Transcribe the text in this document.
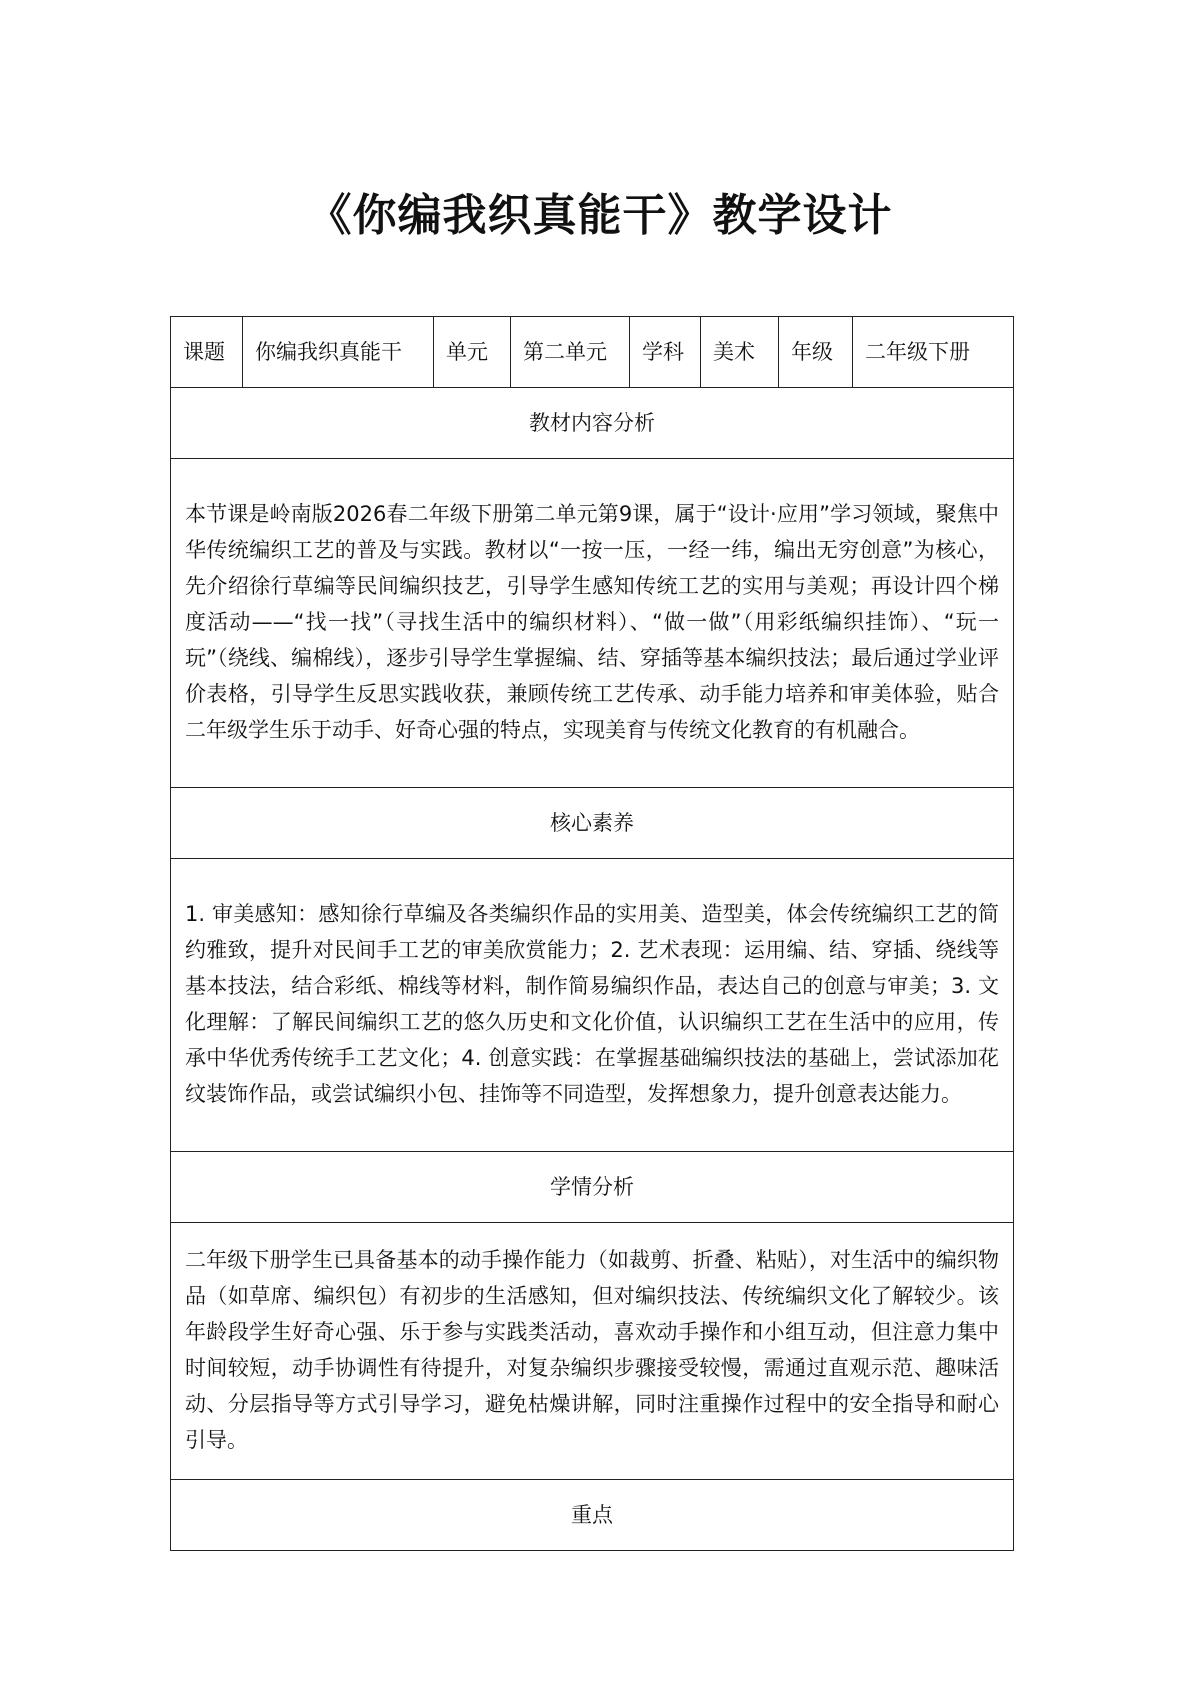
《你编我织真能干》教学设计
课题	你编我织真能干	单元	第二单元	学科	美术	年级	二年级下册
教材内容分析
本节课是岭南版2026春二年级下册第二单元第9课，属于“设计·应用”学习领域，聚焦中华传统编织工艺的普及与实践。教材以“一按一压，一经一纬，编出无穷创意”为核心，先介绍徐行草编等民间编织技艺，引导学生感知传统工艺的实用与美观；再设计四个梯度活动——“找一找”（寻找生活中的编织材料）、“做一做”（用彩纸编织挂饰）、“玩一玩”（绕线、编棉线），逐步引导学生掌握编、结、穿插等基本编织技法；最后通过学业评价表格，引导学生反思实践收获，兼顾传统工艺传承、动手能力培养和审美体验，贴合二年级学生乐于动手、好奇心强的特点，实现美育与传统文化教育的有机融合。
核心素养
1. 审美感知：感知徐行草编及各类编织作品的实用美、造型美，体会传统编织工艺的简约雅致，提升对民间手工艺的审美欣赏能力；2. 艺术表现：运用编、结、穿插、绕线等基本技法，结合彩纸、棉线等材料，制作简易编织作品，表达自己的创意与审美；3. 文化理解：了解民间编织工艺的悠久历史和文化价值，认识编织工艺在生活中的应用，传承中华优秀传统手工艺文化；4. 创意实践：在掌握基础编织技法的基础上，尝试添加花纹装饰作品，或尝试编织小包、挂饰等不同造型，发挥想象力，提升创意表达能力。
学情分析
二年级下册学生已具备基本的动手操作能力（如裁剪、折叠、粘贴），对生活中的编织物品（如草席、编织包）有初步的生活感知，但对编织技法、传统编织文化了解较少。该年龄段学生好奇心强、乐于参与实践类活动，喜欢动手操作和小组互动，但注意力集中时间较短，动手协调性有待提升，对复杂编织步骤接受较慢，需通过直观示范、趣味活动、分层指导等方式引导学习，避免枯燥讲解，同时注重操作过程中的安全指导和耐心引导。
重点
